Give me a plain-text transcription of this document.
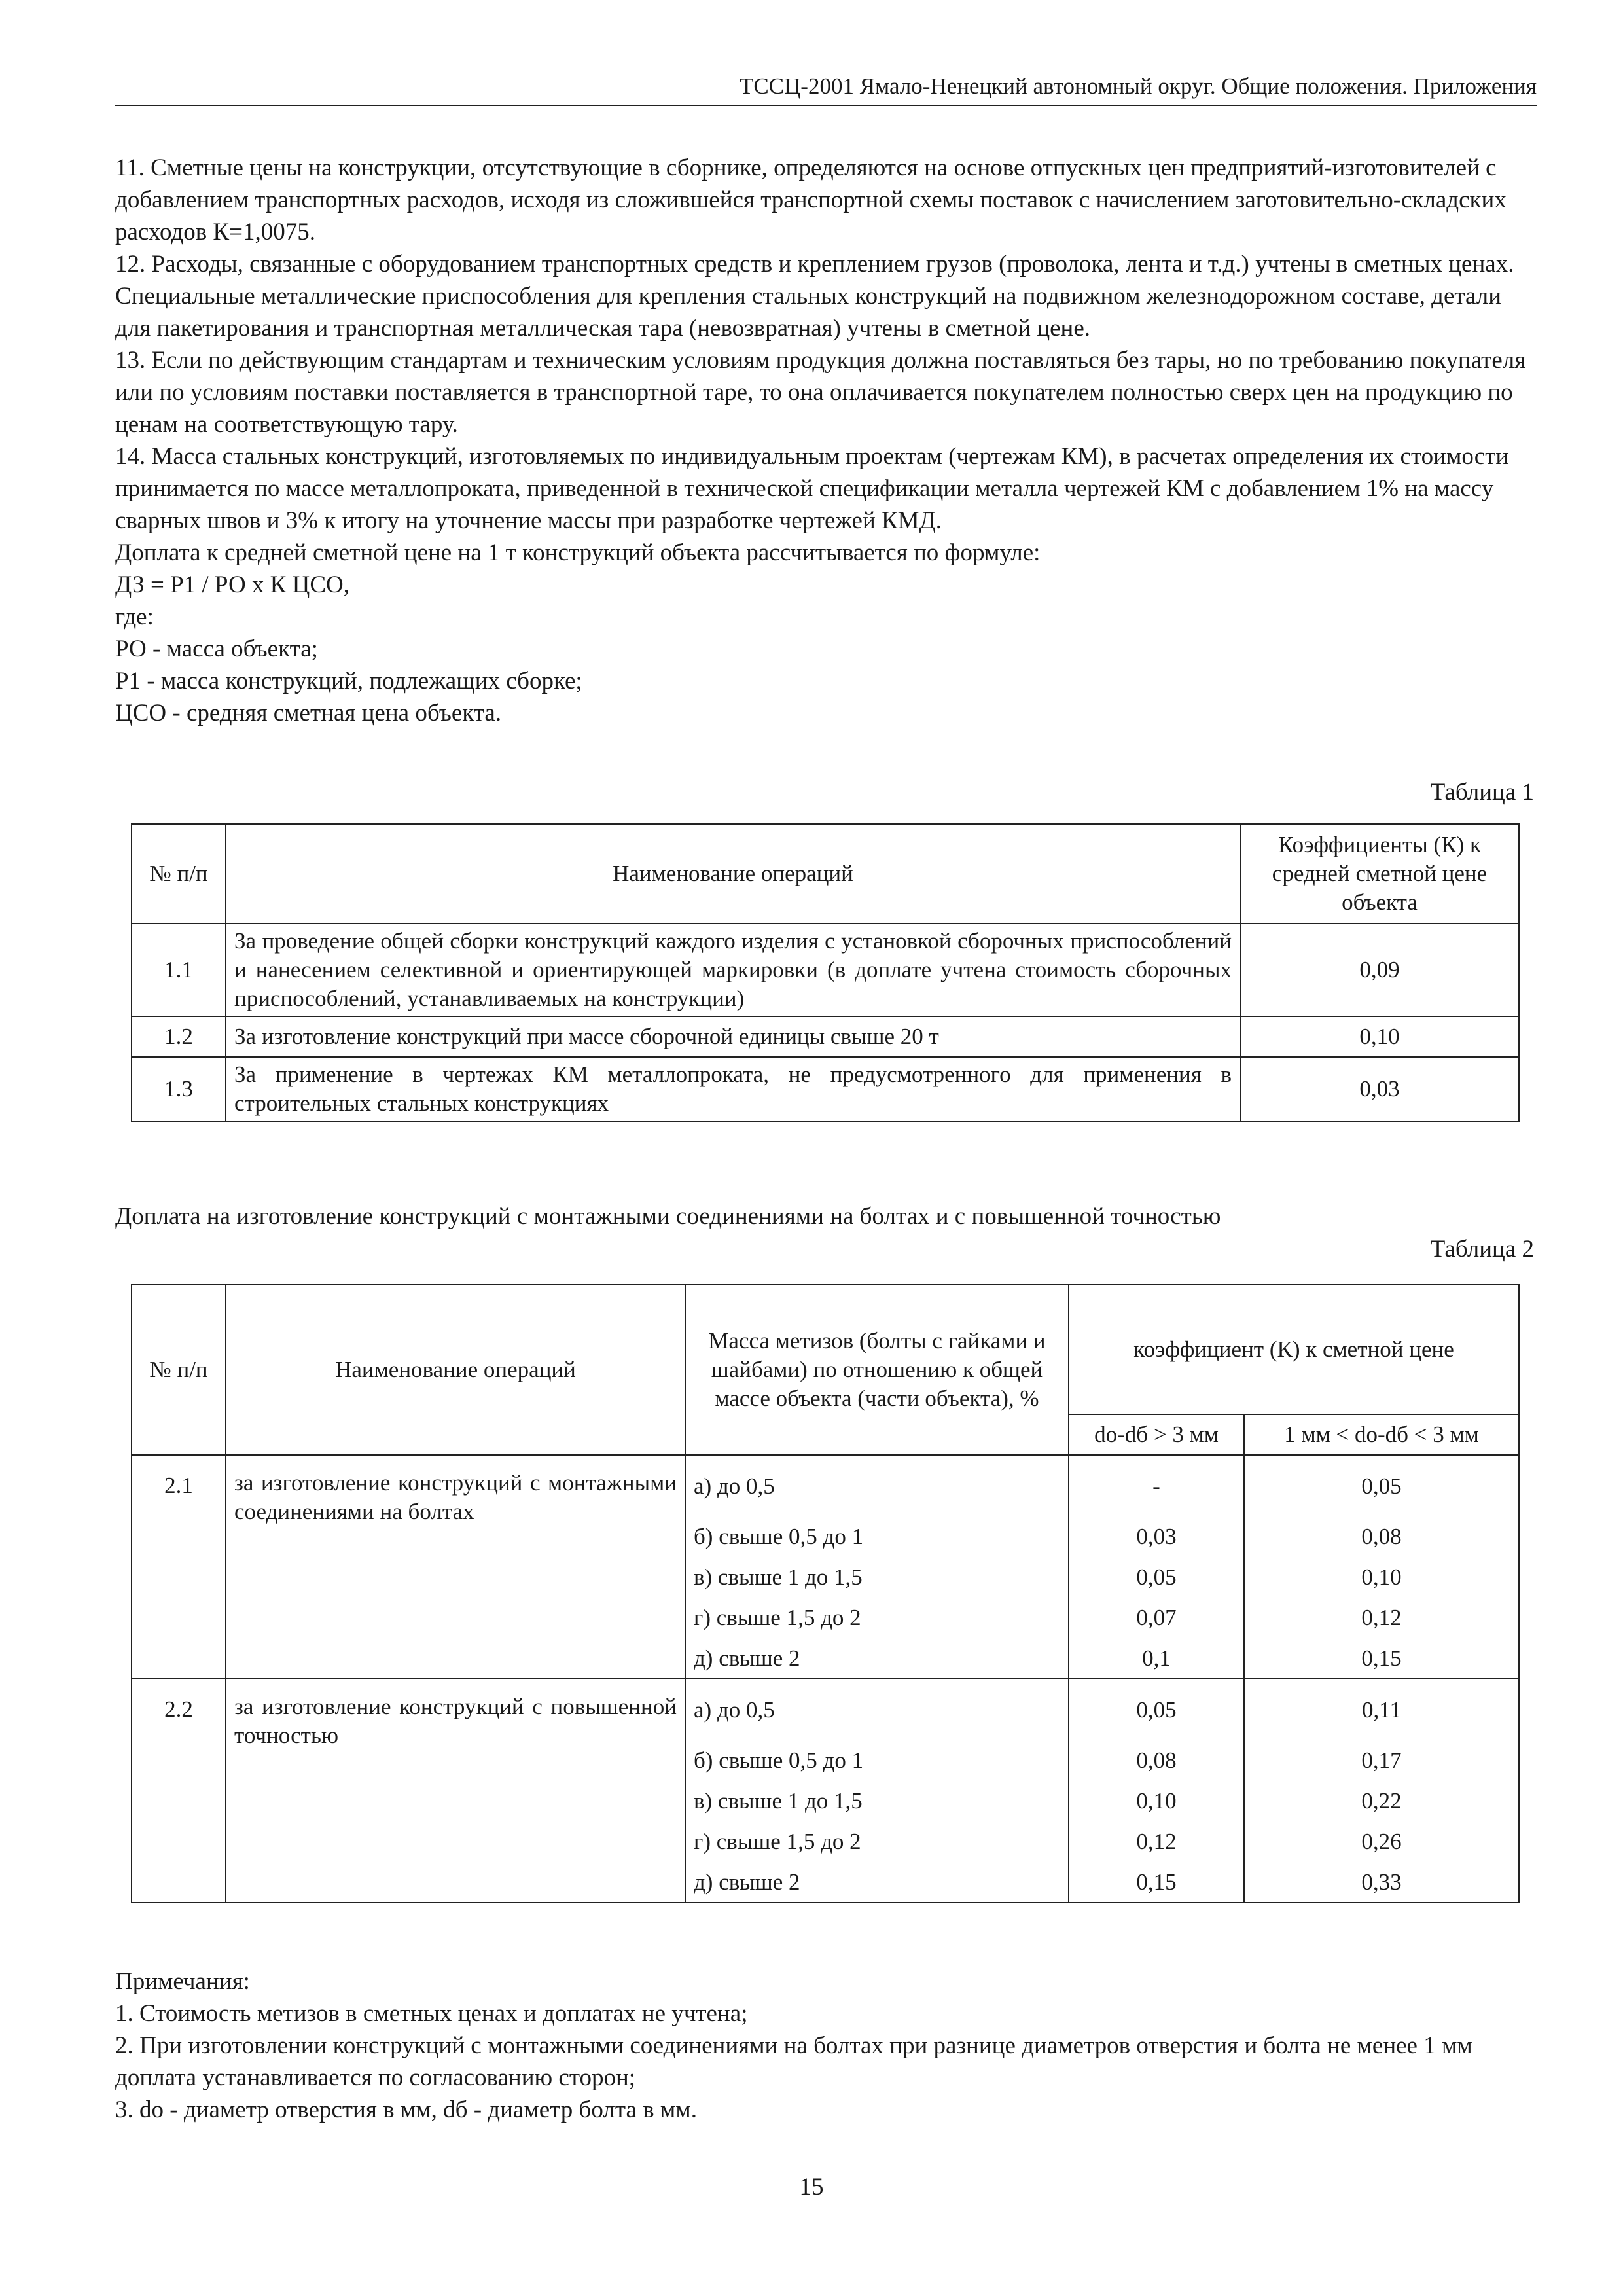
ТССЦ-2001 Ямало-Ненецкий автономный округ. Общие положения. Приложения

11. Сметные цены на конструкции, отсутствующие в сборнике, определяются на основе отпускных цен предприятий-изготовителей с добавлением транспортных расходов, исходя из сложившейся транспортной схемы поставок с начислением заготовительно-складских расходов К=1,0075.

12. Расходы, связанные с оборудованием транспортных средств и креплением грузов (проволока, лента и т.д.) учтены в сметных ценах.

Специальные металлические приспособления для крепления стальных конструкций на подвижном железнодорожном составе, детали для пакетирования и транспортная металлическая тара (невозвратная) учтены в сметной цене.

13. Если по действующим стандартам и техническим условиям продукция должна поставляться без тары, но по требованию покупателя или по условиям поставки поставляется в транспортной таре, то она оплачивается покупателем полностью сверх цен на продукцию по ценам на соответствующую тару.

14. Масса стальных конструкций, изготовляемых по индивидуальным проектам (чертежам КМ), в расчетах определения их стоимости принимается по массе металлопроката, приведенной в технической спецификации металла чертежей КМ с добавлением 1% на массу сварных швов и 3% к итогу на уточнение массы при разработке чертежей КМД.

Доплата к средней сметной цене на 1 т конструкций объекта рассчитывается по формуле:

ДЗ = Р1 / РО х К ЦСО,

где:

РО - масса объекта;

Р1 - масса конструкций, подлежащих сборке;

ЦСО - средняя сметная цена объекта.

Таблица 1
№ п/п	Наименование операций	Коэффициенты (К) к средней сметной цене объекта
1.1	За проведение общей сборки конструкций каждого изделия с установкой сборочных приспособлений и нанесением селективной и ориентирующей маркировки (в доплате учтена стоимость сборочных приспособлений, устанавливаемых на конструкции)	0,09
1.2	За изготовление конструкций при массе сборочной единицы свыше 20 т	0,10
1.3	За применение в чертежах КМ металлопроката, не предусмотренного для применения в строительных стальных конструкциях	0,03
Доплата на изготовление конструкций с монтажными соединениями на болтах и с повышенной точностью
Таблица 2
№ п/п	Наименование операций	Масса метизов (болты с гайками и шайбами) по отношению к общей массе объекта (части объекта), %	коэффициент (К) к сметной цене	
			do-dб > 3 мм	1 мм < do-dб < 3 мм
2.1	за изготовление конструкций с монтажными соединениями на болтах	а) до 0,5	-	0,05
		б) свыше 0,5 до 1	0,03	0,08
		в) свыше 1 до 1,5	0,05	0,10
		г) свыше 1,5 до 2	0,07	0,12
		д) свыше 2	0,1	0,15
2.2	за изготовление конструкций с повышенной точностью	а) до 0,5	0,05	0,11
		б) свыше 0,5 до 1	0,08	0,17
		в) свыше 1 до 1,5	0,10	0,22
		г) свыше 1,5 до 2	0,12	0,26
		д) свыше 2	0,15	0,33

Примечания:

1. Стоимость метизов в сметных ценах и доплатах не учтена;

2. При изготовлении конструкций с монтажными соединениями на болтах при разнице диаметров отверстия и болта не менее 1 мм доплата устанавливается по согласованию сторон;

3. do - диаметр отверстия в мм, dб - диаметр болта в мм.

15
